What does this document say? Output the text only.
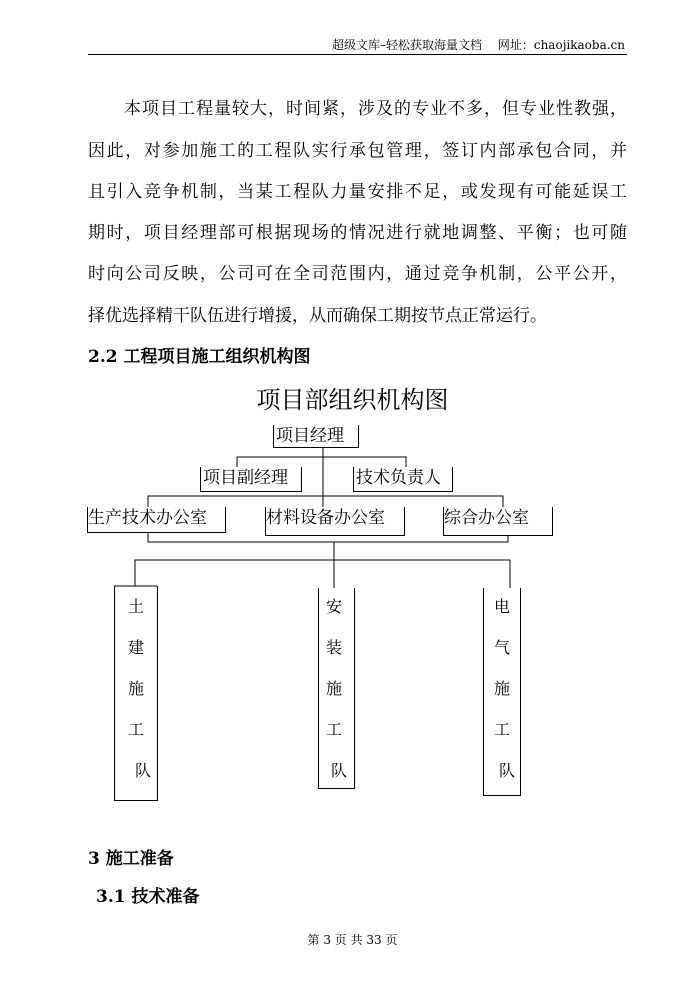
超级文库–轻松获取海量文档　 网址：chaojikaoba.cn
　　本项目工程量较大，时间紧，涉及的专业不多，但专业性教强，
因此，对参加施工的工程队实行承包管理，签订内部承包合同，并
且引入竞争机制，当某工程队力量安排不足，或发现有可能延误工
期时，项目经理部可根据现场的情况进行就地调整、平衡；也可随
时向公司反映，公司可在全司范围内，通过竞争机制，公平公开，
择优选择精干队伍进行增援，从而确保工期按节点正常运行。
2.2 工程项目施工组织机构图
项目部组织机构图
项目经理
项目副经理	技术负责人
生产技术办公室	材料设备办公室	综合办公室
土
建
施
工
队
安
装
施
工
队
电
气
施
工
队
3 施工准备
3.1 技术准备
第 3 页 共 33 页
